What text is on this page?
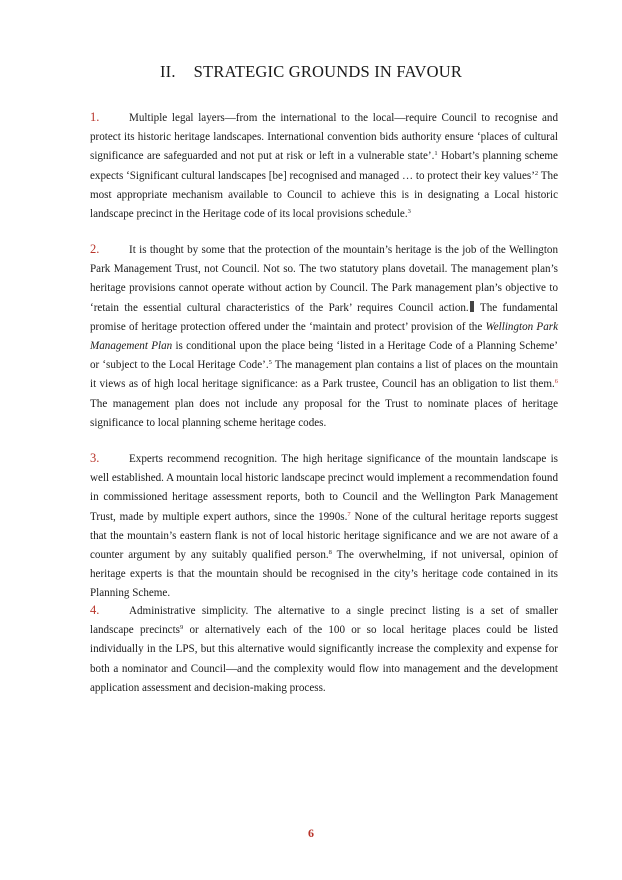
II. STRATEGIC GROUNDS IN FAVOUR
1.	Multiple legal layers—from the international to the local—require Council to recognise and protect its historic heritage landscapes. International convention bids authority ensure ‘places of cultural significance are safeguarded and not put at risk or left in a vulnerable state’.$^1$ Hobart’s planning scheme expects ‘Significant cultural landscapes [be] recognised and managed … to protect their key values’$^2$ The most appropriate mechanism available to Council to achieve this is in designating a Local historic landscape precinct in the Heritage code of its local provisions schedule.$^3$
2.	It is thought by some that the protection of the mountain’s heritage is the job of the Wellington Park Management Trust, not Council. Not so. The two statutory plans dovetail. The management plan’s heritage provisions cannot operate without action by Council. The Park management plan’s objective to ‘retain the essential cultural characteristics of the Park’ requires Council action. The fundamental promise of heritage protection offered under the ‘maintain and protect’ provision of the Wellington Park Management Plan is conditional upon the place being ‘listed in a Heritage Code of a Planning Scheme’ or ‘subject to the Local Heritage Code’.$^5$ The management plan contains a list of places on the mountain it views as of high local heritage significance: as a Park trustee, Council has an obligation to list them.$^6$ The management plan does not include any proposal for the Trust to nominate places of heritage significance to local planning scheme heritage codes.
3.	Experts recommend recognition. The high heritage significance of the mountain landscape is well established. A mountain local historic landscape precinct would implement a recommendation found in commissioned heritage assessment reports, both to Council and the Wellington Park Management Trust, made by multiple expert authors, since the 1990s.$^7$ None of the cultural heritage reports suggest that the mountain’s eastern flank is not of local historic heritage significance and we are not aware of a counter argument by any suitably qualified person.$^8$ The overwhelming, if not universal, opinion of heritage experts is that the mountain should be recognised in the city’s heritage code contained in its Planning Scheme.
4.	Administrative simplicity. The alternative to a single precinct listing is a set of smaller landscape precincts$^9$ or alternatively each of the 100 or so local heritage places could be listed individually in the LPS, but this alternative would significantly increase the complexity and expense for both a nominator and Council—and the complexity would flow into management and the development application assessment and decision-making process.
6
